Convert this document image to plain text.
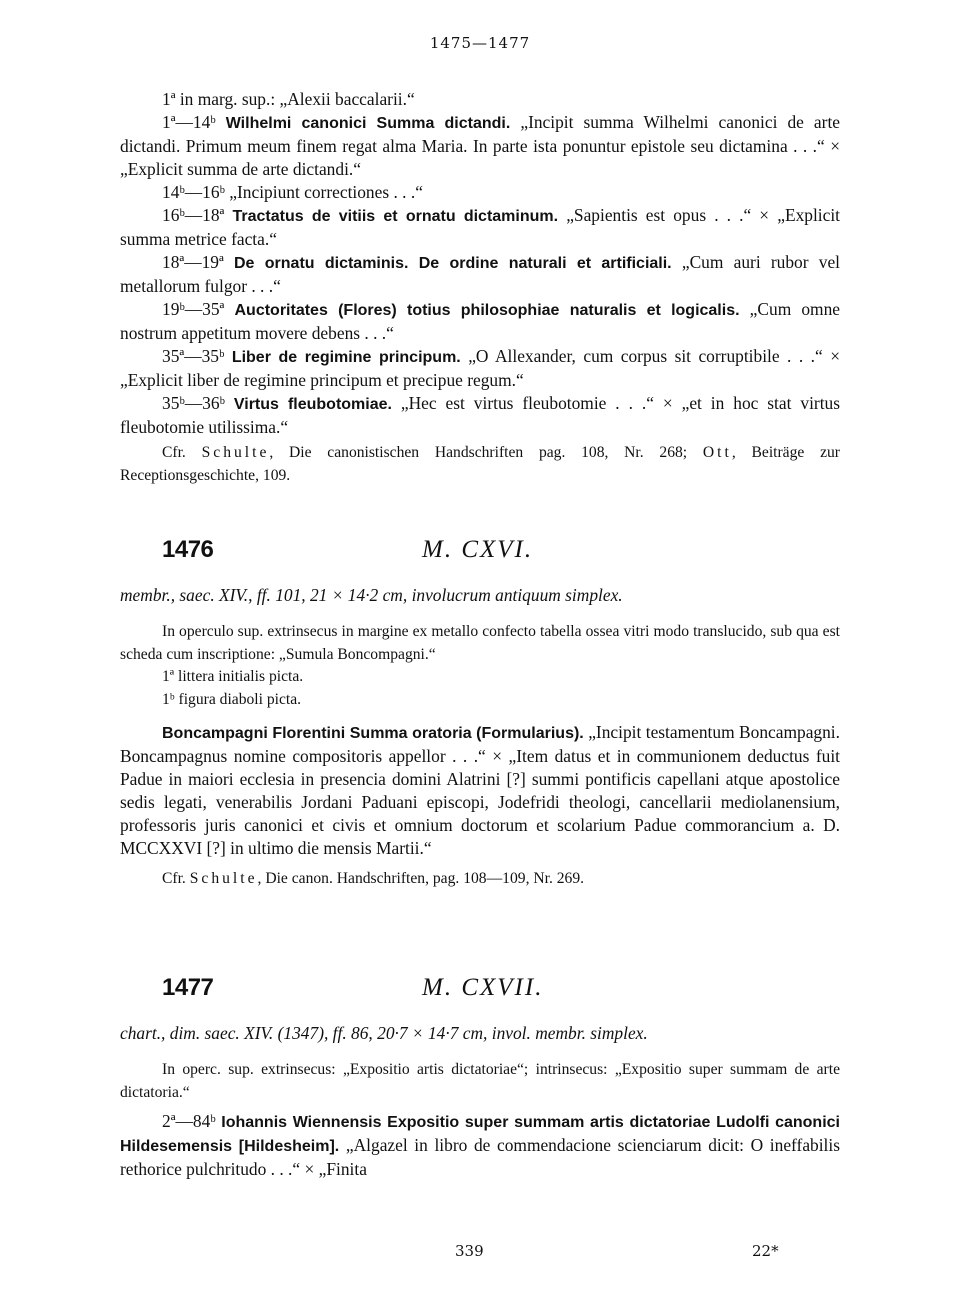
1475—1477

1ª in marg. sup.: „Alexii baccalarii.“

1ª—14ᵇ Wilhelmi canonici Summa dictandi. „Incipit summa Wilhelmi canonici de arte dictandi. Primum meum finem regat alma Maria. In parte ista ponuntur epistole seu dictamina . . .“ × „Explicit summa de arte dictandi.“

14ᵇ—16ᵇ „Incipiunt correctiones . . .“

16ᵇ—18ª Tractatus de vitiis et ornatu dictaminum. „Sapientis est opus . . .“ × „Explicit summa metrice facta.“

18ª—19ª De ornatu dictaminis. De ordine naturali et artificiali. „Cum auri rubor vel metallorum fulgor . . .“

19ᵇ—35ª Auctoritates (Flores) totius philosophiae naturalis et logicalis. „Cum omne nostrum appetitum movere debens . . .“

35ª—35ᵇ Liber de regimine principum. „O Allexander, cum corpus sit corruptibile . . .“ × „Explicit liber de regimine principum et precipue regum.“

35ᵇ—36ᵇ Virtus fleubotomiae. „Hec est virtus fleubotomie . . .“ × „et in hoc stat virtus fleubotomie utilissima.“

Cfr. Schulte, Die canonistischen Handschriften pag. 108, Nr. 268; Ott, Beiträge zur Receptionsgeschichte, 109.

1476	M. CXVI.

membr., saec. XIV., ff. 101, 21 × 14·2 cm, involucrum antiquum simplex.

In operculo sup. extrinsecus in margine ex metallo confecto tabella ossea vitri modo translucido, sub qua est scheda cum inscriptione: „Sumula Boncompagni.“

1ª littera initialis picta.

1ᵇ figura diaboli picta.

Boncampagni Florentini Summa oratoria (Formularius). „Incipit testamentum Boncampagni. Boncampagnus nomine compositoris appellor . . .“ × „Item datus et in communionem deductus fuit Padue in maiori ecclesia in presencia domini Alatrini [?] summi pontificis capellani atque apostolice sedis legati, venerabilis Jordani Paduani episcopi, Jodefridi theologi, cancellarii mediolanensium, professoris juris canonici et civis et omnium doctorum et scolarium Padue commorancium a. D. MCCXXVI [?] in ultimo die mensis Martii.“

Cfr. Schulte, Die canon. Handschriften, pag. 108—109, Nr. 269.

1477	M. CXVII.

chart., dim. saec. XIV. (1347), ff. 86, 20·7 × 14·7 cm, invol. membr. simplex.

In operc. sup. extrinsecus: „Expositio artis dictatoriae“; intrinsecus: „Expositio super summam de arte dictatoria.“

2ª—84ᵇ Iohannis Wiennensis Expositio super summam artis dictatoriae Ludolfi canonici Hildesemensis [Hildesheim]. „Algazel in libro de commendacione scienciarum dicit: O ineffabilis rethorice pulchritudo . . .“ × „Finita

339	22*
